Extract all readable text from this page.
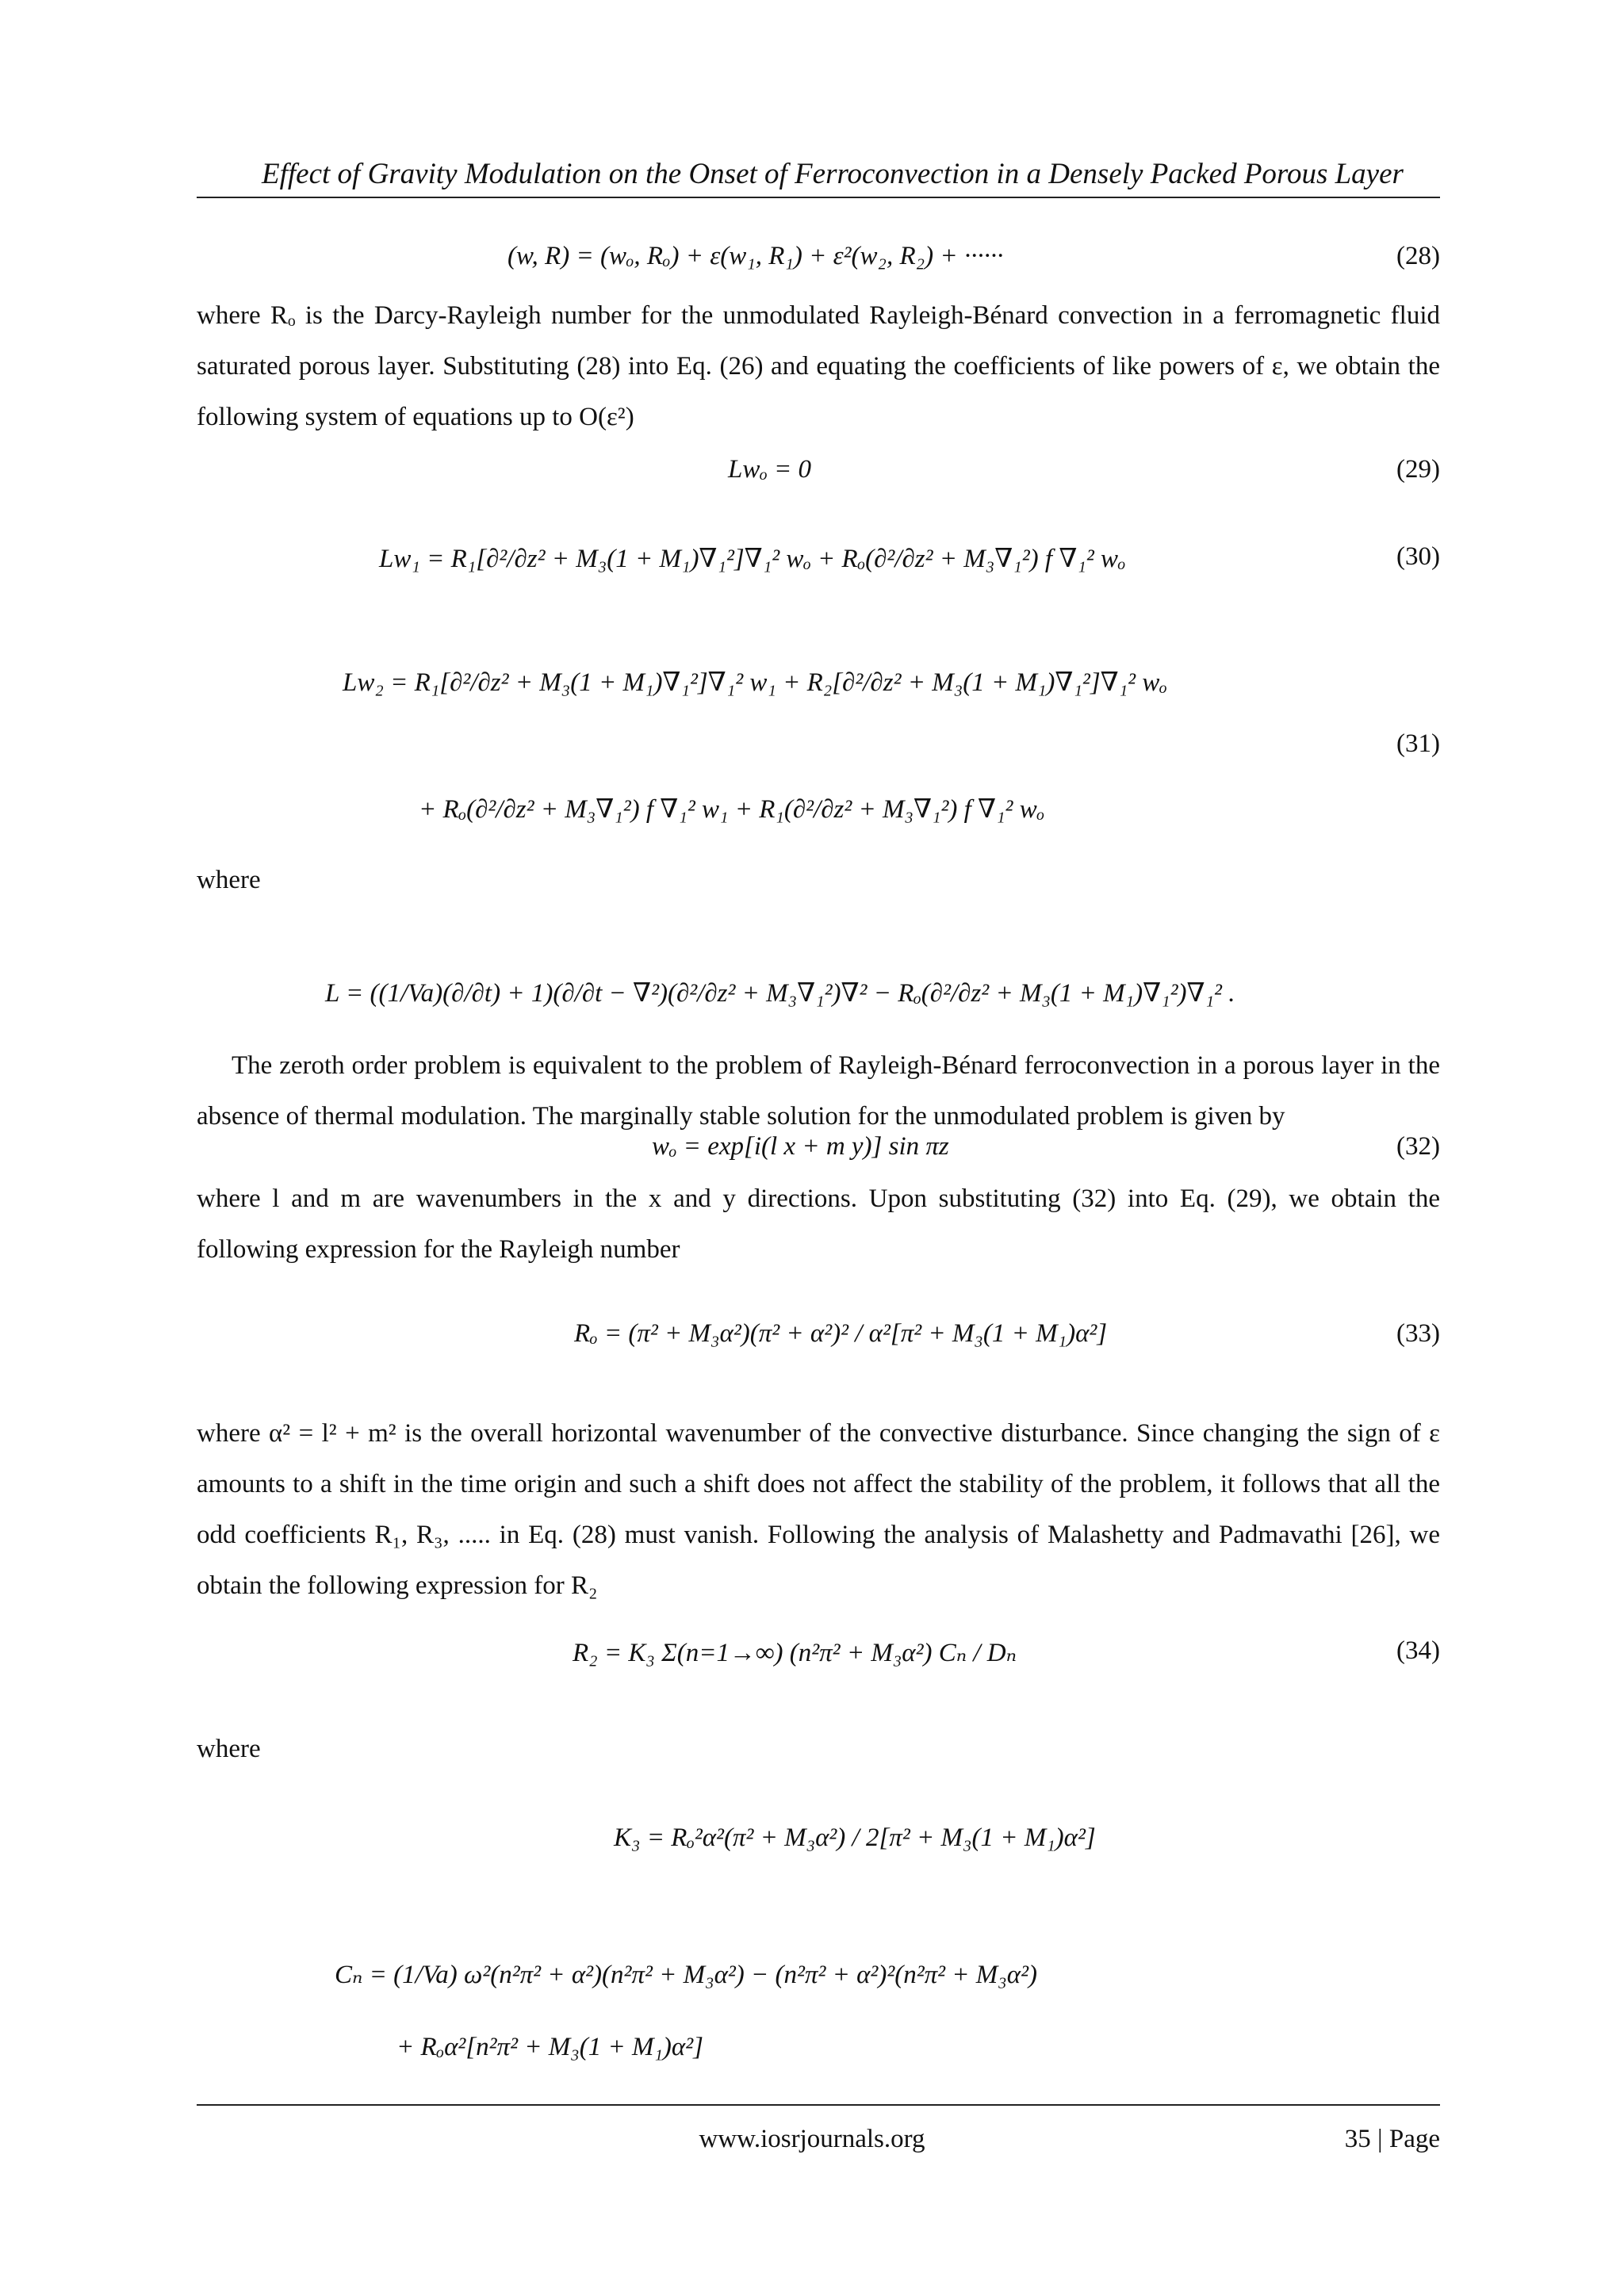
Effect of Gravity Modulation on the Onset of Ferroconvection in a Densely Packed Porous Layer
(w, R) = (wₒ, Rₒ) + ε(w₁, R₁) + ε²(w₂, R₂) + ······	(28)

where Rₒ is the Darcy-Rayleigh number for the unmodulated Rayleigh-Bénard convection in a ferromagnetic fluid saturated porous layer. Substituting (28) into Eq. (26) and equating the coefficients of like powers of ε, we obtain the following system of equations up to O(ε²)

Lwₒ = 0	(29)
Lw₁ = R₁[∂²/∂z² + M₃(1 + M₁)∇₁²]∇₁² wₒ + Rₒ(∂²/∂z² + M₃∇₁²) f ∇₁² wₒ	(30)
Lw₂ = R₁[∂²/∂z² + M₃(1 + M₁)∇₁²]∇₁² w₁ + R₂[∂²/∂z² + M₃(1 + M₁)∇₁²]∇₁² wₒ
(31)
+ Rₒ(∂²/∂z² + M₃∇₁²) f ∇₁² w₁ + R₁(∂²/∂z² + M₃∇₁²) f ∇₁² wₒ
where
L = ((1/Va)(∂/∂t) + 1)(∂/∂t − ∇²)(∂²/∂z² + M₃∇₁²)∇² − Rₒ(∂²/∂z² + M₃(1 + M₁)∇₁²)∇₁² .

The zeroth order problem is equivalent to the problem of Rayleigh-Bénard ferroconvection in a porous layer in the absence of thermal modulation. The marginally stable solution for the unmodulated problem is given by

wₒ = exp[i(l x + m y)] sin πz	(32)

where l and m are wavenumbers in the x and y directions. Upon substituting (32) into Eq. (29), we obtain the following expression for the Rayleigh number

Rₒ = (π² + M₃α²)(π² + α²)² / α²[π² + M₃(1 + M₁)α²]	(33)

where α² = l² + m² is the overall horizontal wavenumber of the convective disturbance. Since changing the sign of ε amounts to a shift in the time origin and such a shift does not affect the stability of the problem, it follows that all the odd coefficients R₁, R₃, ..... in Eq. (28) must vanish. Following the analysis of Malashetty and Padmavathi [26], we obtain the following expression for R₂

R₂ = K₃ Σ(n=1→∞) (n²π² + M₃α²) Cₙ / Dₙ	(34)
where
K₃ = Rₒ²α²(π² + M₃α²) / 2[π² + M₃(1 + M₁)α²]
Cₙ = (1/Va) ω²(n²π² + α²)(n²π² + M₃α²) − (n²π² + α²)²(n²π² + M₃α²)
+ Rₒα²[n²π² + M₃(1 + M₁)α²]
www.iosrjournals.org	35 | Page
